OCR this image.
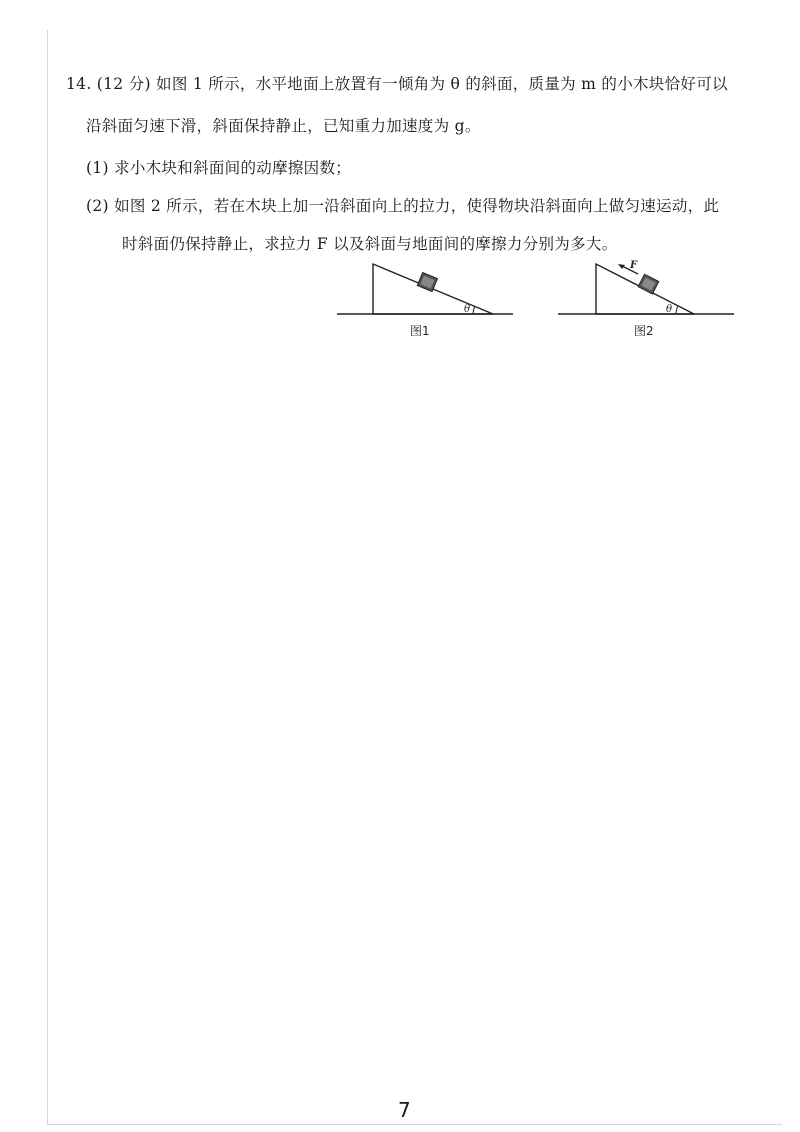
14. (12 分) 如图 1 所示，水平地面上放置有一倾角为 θ 的斜面，质量为 m 的小木块恰好可以
沿斜面匀速下滑，斜面保持静止，已知重力加速度为 g。
(1) 求小木块和斜面间的动摩擦因数；
(2) 如图 2 所示，若在木块上加一沿斜面向上的拉力，使得物块沿斜面向上做匀速运动，此
时斜面仍保持静止，求拉力 F 以及斜面与地面间的摩擦力分别为多大。
θ
图1
F
θ
图2
7
